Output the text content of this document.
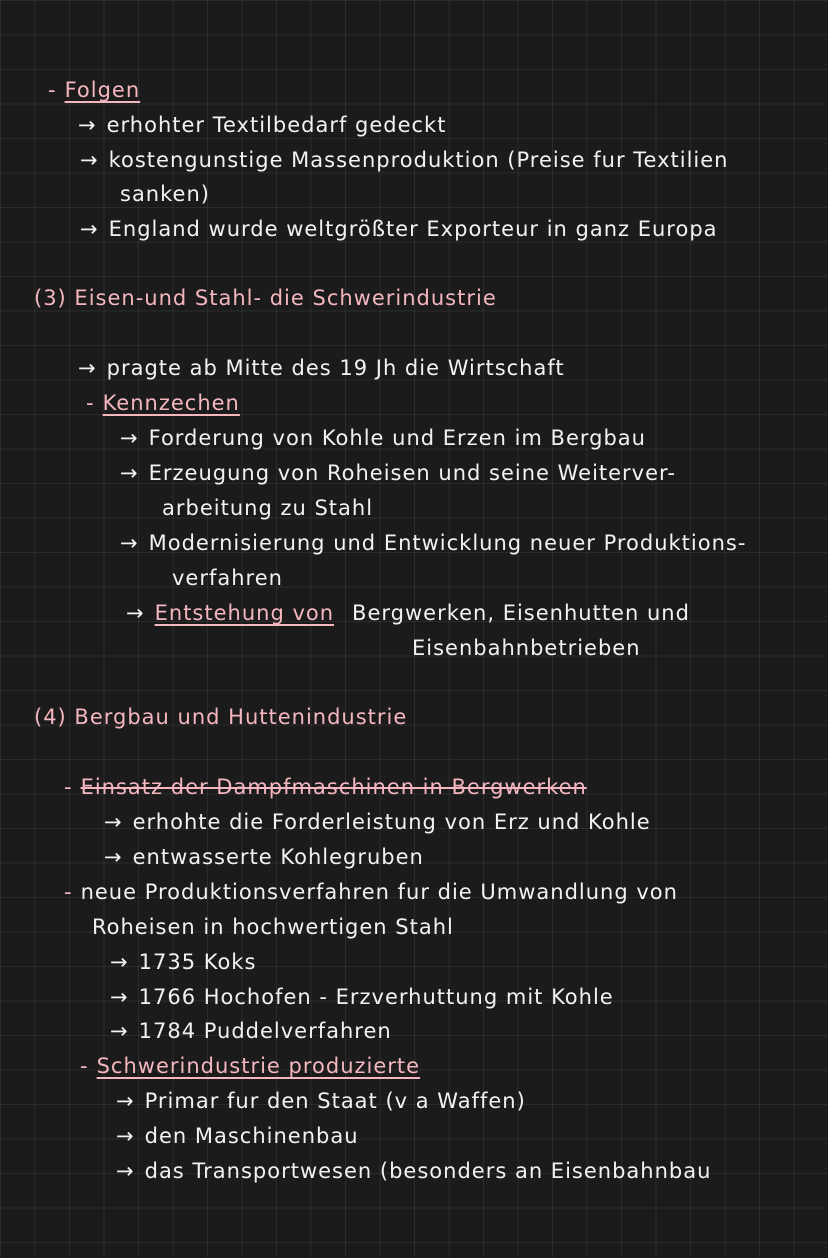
- Folgen
→ erhohter Textilbedarf gedeckt
→ kostengunstige Massenproduktion (Preise fur Textilien
sanken)
→ England wurde weltgrößter Exporteur in ganz Europa
(3) Eisen-und Stahl- die Schwerindustrie
→ pragte ab Mitte des 19 Jh die Wirtschaft
- Kennzechen
→ Forderung von Kohle und Erzen im Bergbau
→ Erzeugung von Roheisen und seine Weiterver-
arbeitung zu Stahl
→ Modernisierung und Entwicklung neuer Produktions-
verfahren
→ Entstehung von Bergwerken, Eisenhutten und
Eisenbahnbetrieben
(4) Bergbau und Huttenindustrie
- Einsatz der Dampfmaschinen in Bergwerken
→ erhohte die Forderleistung von Erz und Kohle
→ entwasserte Kohlegruben
- neue Produktionsverfahren fur die Umwandlung von
Roheisen in hochwertigen Stahl
→ 1735 Koks
→ 1766 Hochofen - Erzverhuttung mit Kohle
→ 1784 Puddelverfahren
- Schwerindustrie produzierte
→ Primar fur den Staat (v a Waffen)
→ den Maschinenbau
→ das Transportwesen (besonders an Eisenbahnbau
